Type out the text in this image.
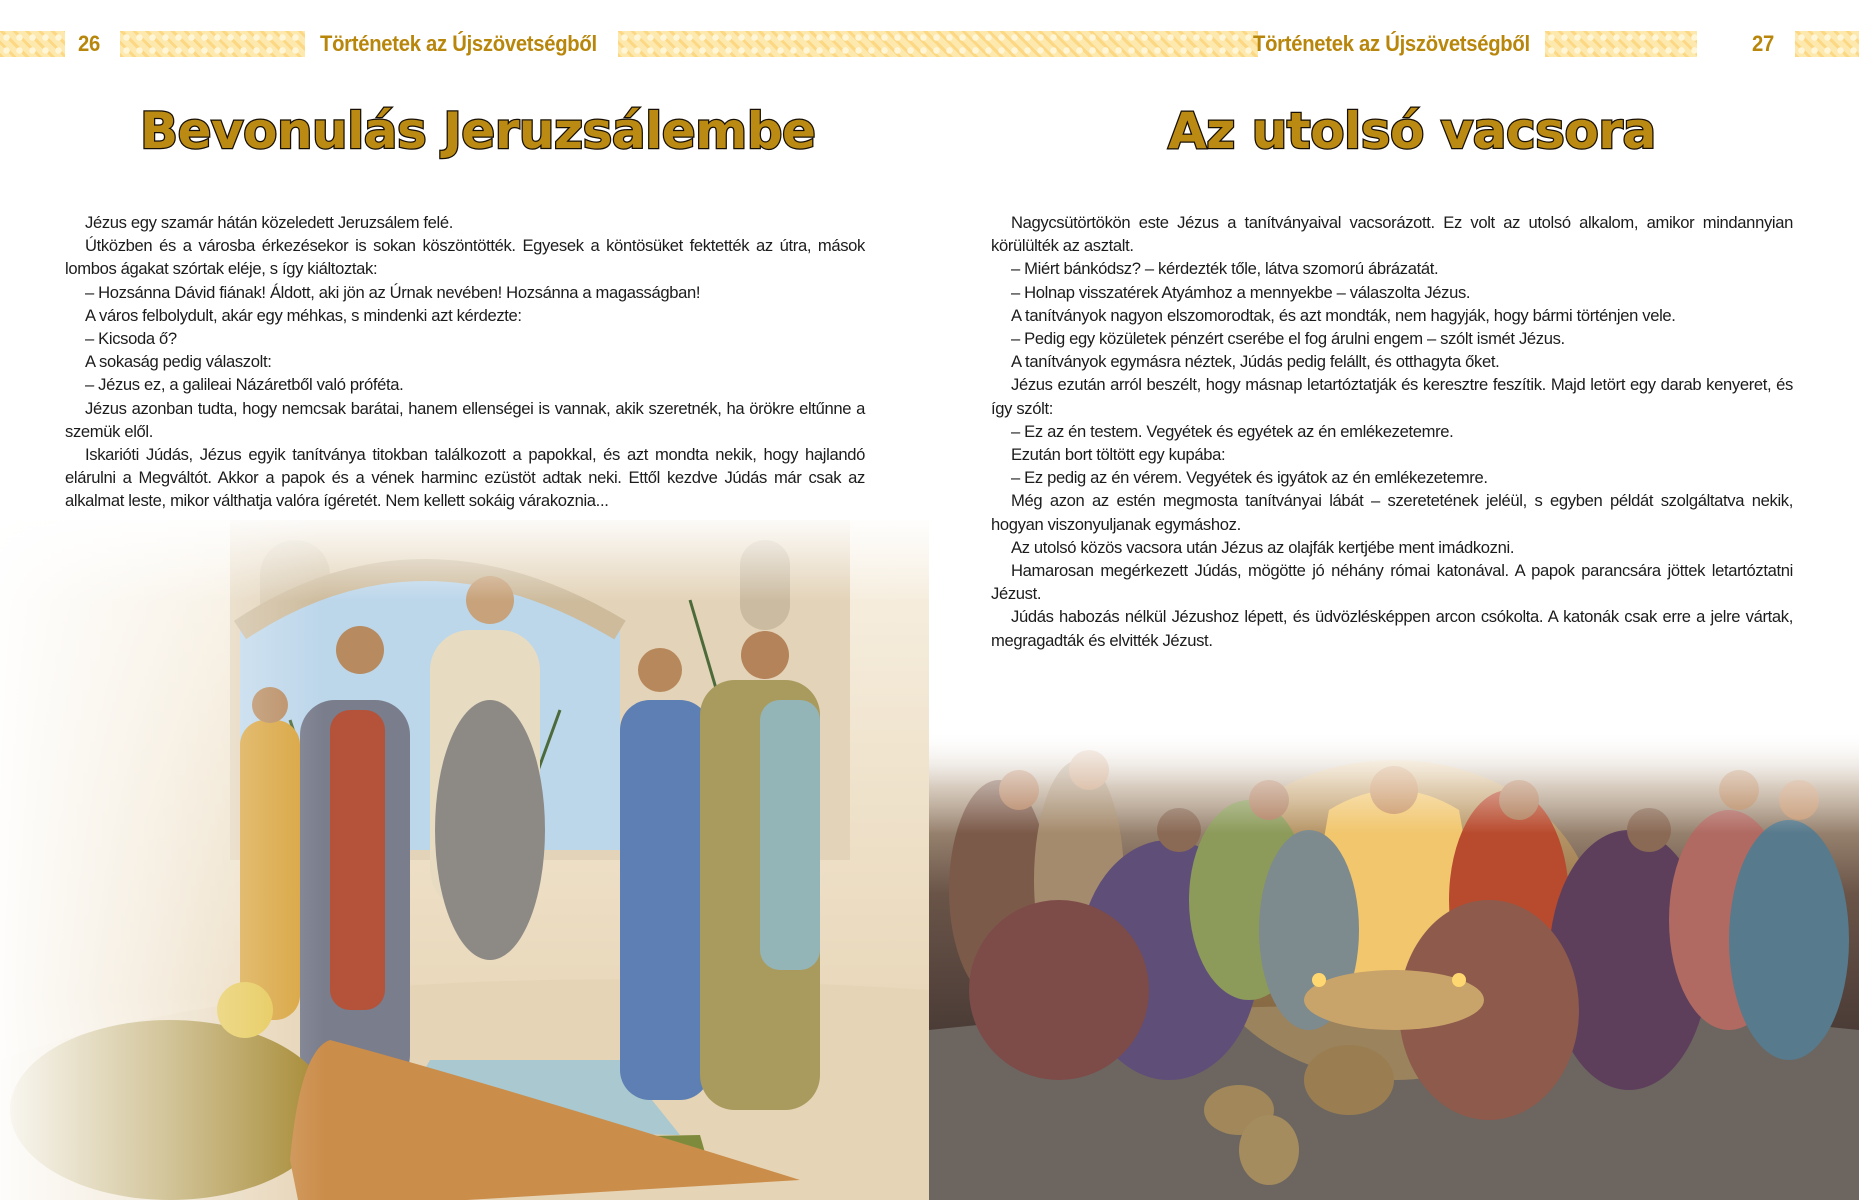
26	Történetek az Újszövetségből	Történetek az Újszövetségből	27
Bevonulás Jeruzsálembe	Az utolsó vacsora

Jézus egy szamár hátán közeledett Jeruzsálem felé.

Útközben és a városba érkezésekor is sokan köszöntötték. Egyesek a köntösüket fektették az útra, mások lombos ágakat szórtak eléje, s így kiáltoztak:

– Hozsánna Dávid fiának! Áldott, aki jön az Úrnak nevében! Hozsánna a magasságban!

A város felbolydult, akár egy méhkas, s mindenki azt kérdezte:

– Kicsoda ő?

A sokaság pedig válaszolt:

– Jézus ez, a galileai Názáretből való próféta.

Jézus azonban tudta, hogy nemcsak barátai, hanem ellenségei is vannak, akik szeretnék, ha örökre eltűnne a szemük elől.

Iskarióti Júdás, Jézus egyik tanítványa titokban találkozott a papokkal, és azt mondta nekik, hogy hajlandó elárulni a Megváltót. Akkor a papok és a vének harminc ezüstöt adtak neki. Ettől kezdve Júdás már csak az alkalmat leste, mikor válthatja valóra ígéretét. Nem kellett sokáig várakoznia...

Nagycsütörtökön este Jézus a tanítványaival vacsorázott. Ez volt az utolsó alkalom, amikor mindannyian körülülték az asztalt.

– Miért bánkódsz? – kérdezték tőle, látva szomorú ábrázatát.

– Holnap visszatérek Atyámhoz a mennyekbe – válaszolta Jézus.

A tanítványok nagyon elszomorodtak, és azt mondták, nem hagyják, hogy bármi történjen vele.

– Pedig egy közületek pénzért cserébe el fog árulni engem – szólt ismét Jézus.

A tanítványok egymásra néztek, Júdás pedig felállt, és otthagyta őket.

Jézus ezután arról beszélt, hogy másnap letartóztatják és keresztre feszítik. Majd letört egy darab kenyeret, és így szólt:

– Ez az én testem. Vegyétek és egyétek az én emlékezetemre.

Ezután bort töltött egy kupába:

– Ez pedig az én vérem. Vegyétek és igyátok az én emlékezetemre.

Még azon az estén megmosta tanítványai lábát – szeretetének jeléül, s egyben példát szolgáltatva nekik, hogyan viszonyuljanak egymáshoz.

Az utolsó közös vacsora után Jézus az olajfák kertjébe ment imádkozni.

Hamarosan megérkezett Júdás, mögötte jó néhány római katonával. A papok parancsára jöttek letartóztatni Jézust.

Júdás habozás nélkül Jézushoz lépett, és üdvözlésképpen arcon csókolta. A katonák csak erre a jelre vártak, megragadták és elvitték Jézust.
